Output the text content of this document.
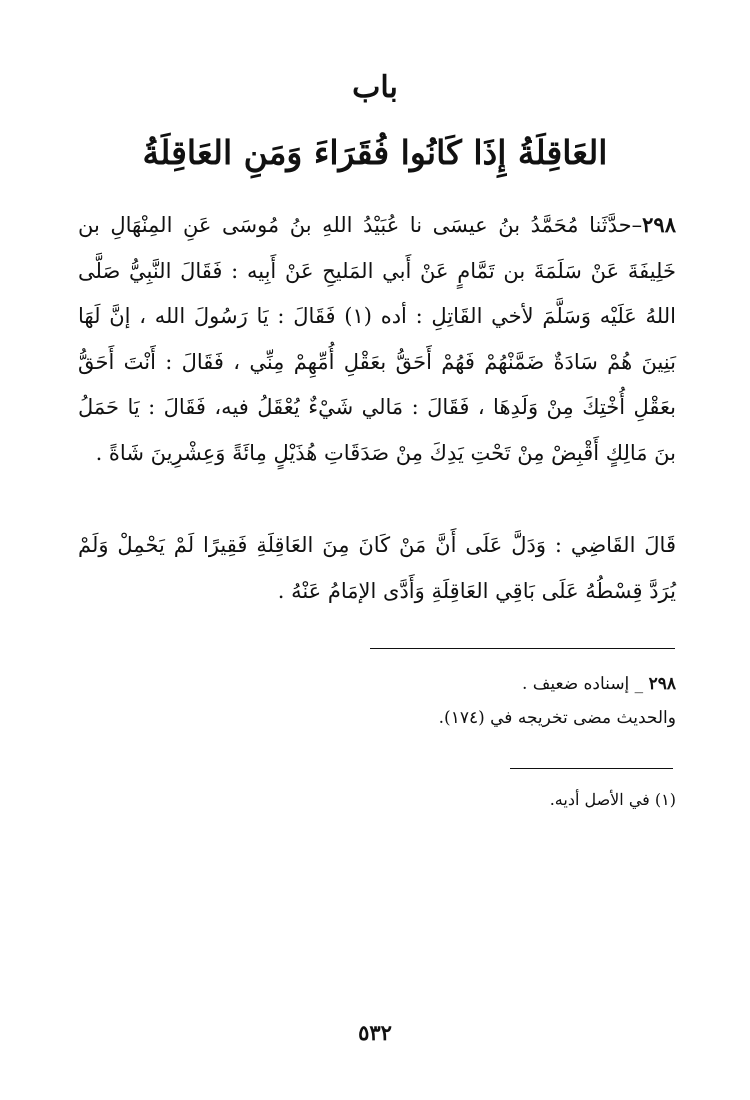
باب
العَاقِلَةُ إِذَا كَانُوا فُقَرَاءَ وَمَنِ العَاقِلَةُ

٢٩٨–حدَّثَنا مُحَمَّدُ بنُ عيسَى نا عُبَيْدُ اللهِ بنُ مُوسَى عَنِ المِنْهَالِ بن خَلِيفَةَ عَنْ سَلَمَةَ بن تَمَّامٍ عَنْ أَبي المَليحِ عَنْ أَبِيه : فَقَالَ النَّبِيُّ صَلَّى اللهُ عَلَيْه وَسَلَّمَ لأخي القَاتِلِ : أده (١) فَقَالَ : يَا رَسُولَ الله ، إنَّ لَهَا بَنِينَ هُمْ سَادَةٌ ضَمَّنْهُمْ فَهُمْ أَحَقُّ بعَقْلِ أُمِّهِمْ مِنِّي ، فَقَالَ : أَنْتَ أَحَقُّ بعَقْلِ أُخْتِكَ مِنْ وَلَدِهَا ، فَقَالَ : مَالي شَيْءٌ يُعْقَلُ فيه، فَقَالَ : يَا حَمَلُ بنَ مَالِكٍ أَقْبِضْ مِنْ تَحْتِ يَدِكَ مِنْ صَدَقَاتِ هُذَيْلٍ مِائَةً وَعِشْرِينَ شَاةً .

قَالَ القَاضِي : وَدَلَّ عَلَى أَنَّ مَنْ كَانَ مِنَ العَاقِلَةِ فَقِيرًا لَمْ يَحْمِلْ وَلَمْ يُرَدَّ قِسْطُهُ عَلَى بَاقِي العَاقِلَةِ وَأَدَّى الإمَامُ عَنْهُ .

٢٩٨ _ إسناده ضعيف .
والحديث مضى تخريجه في (١٧٤).

(١) في الأصل أديه.

٥٣٢
